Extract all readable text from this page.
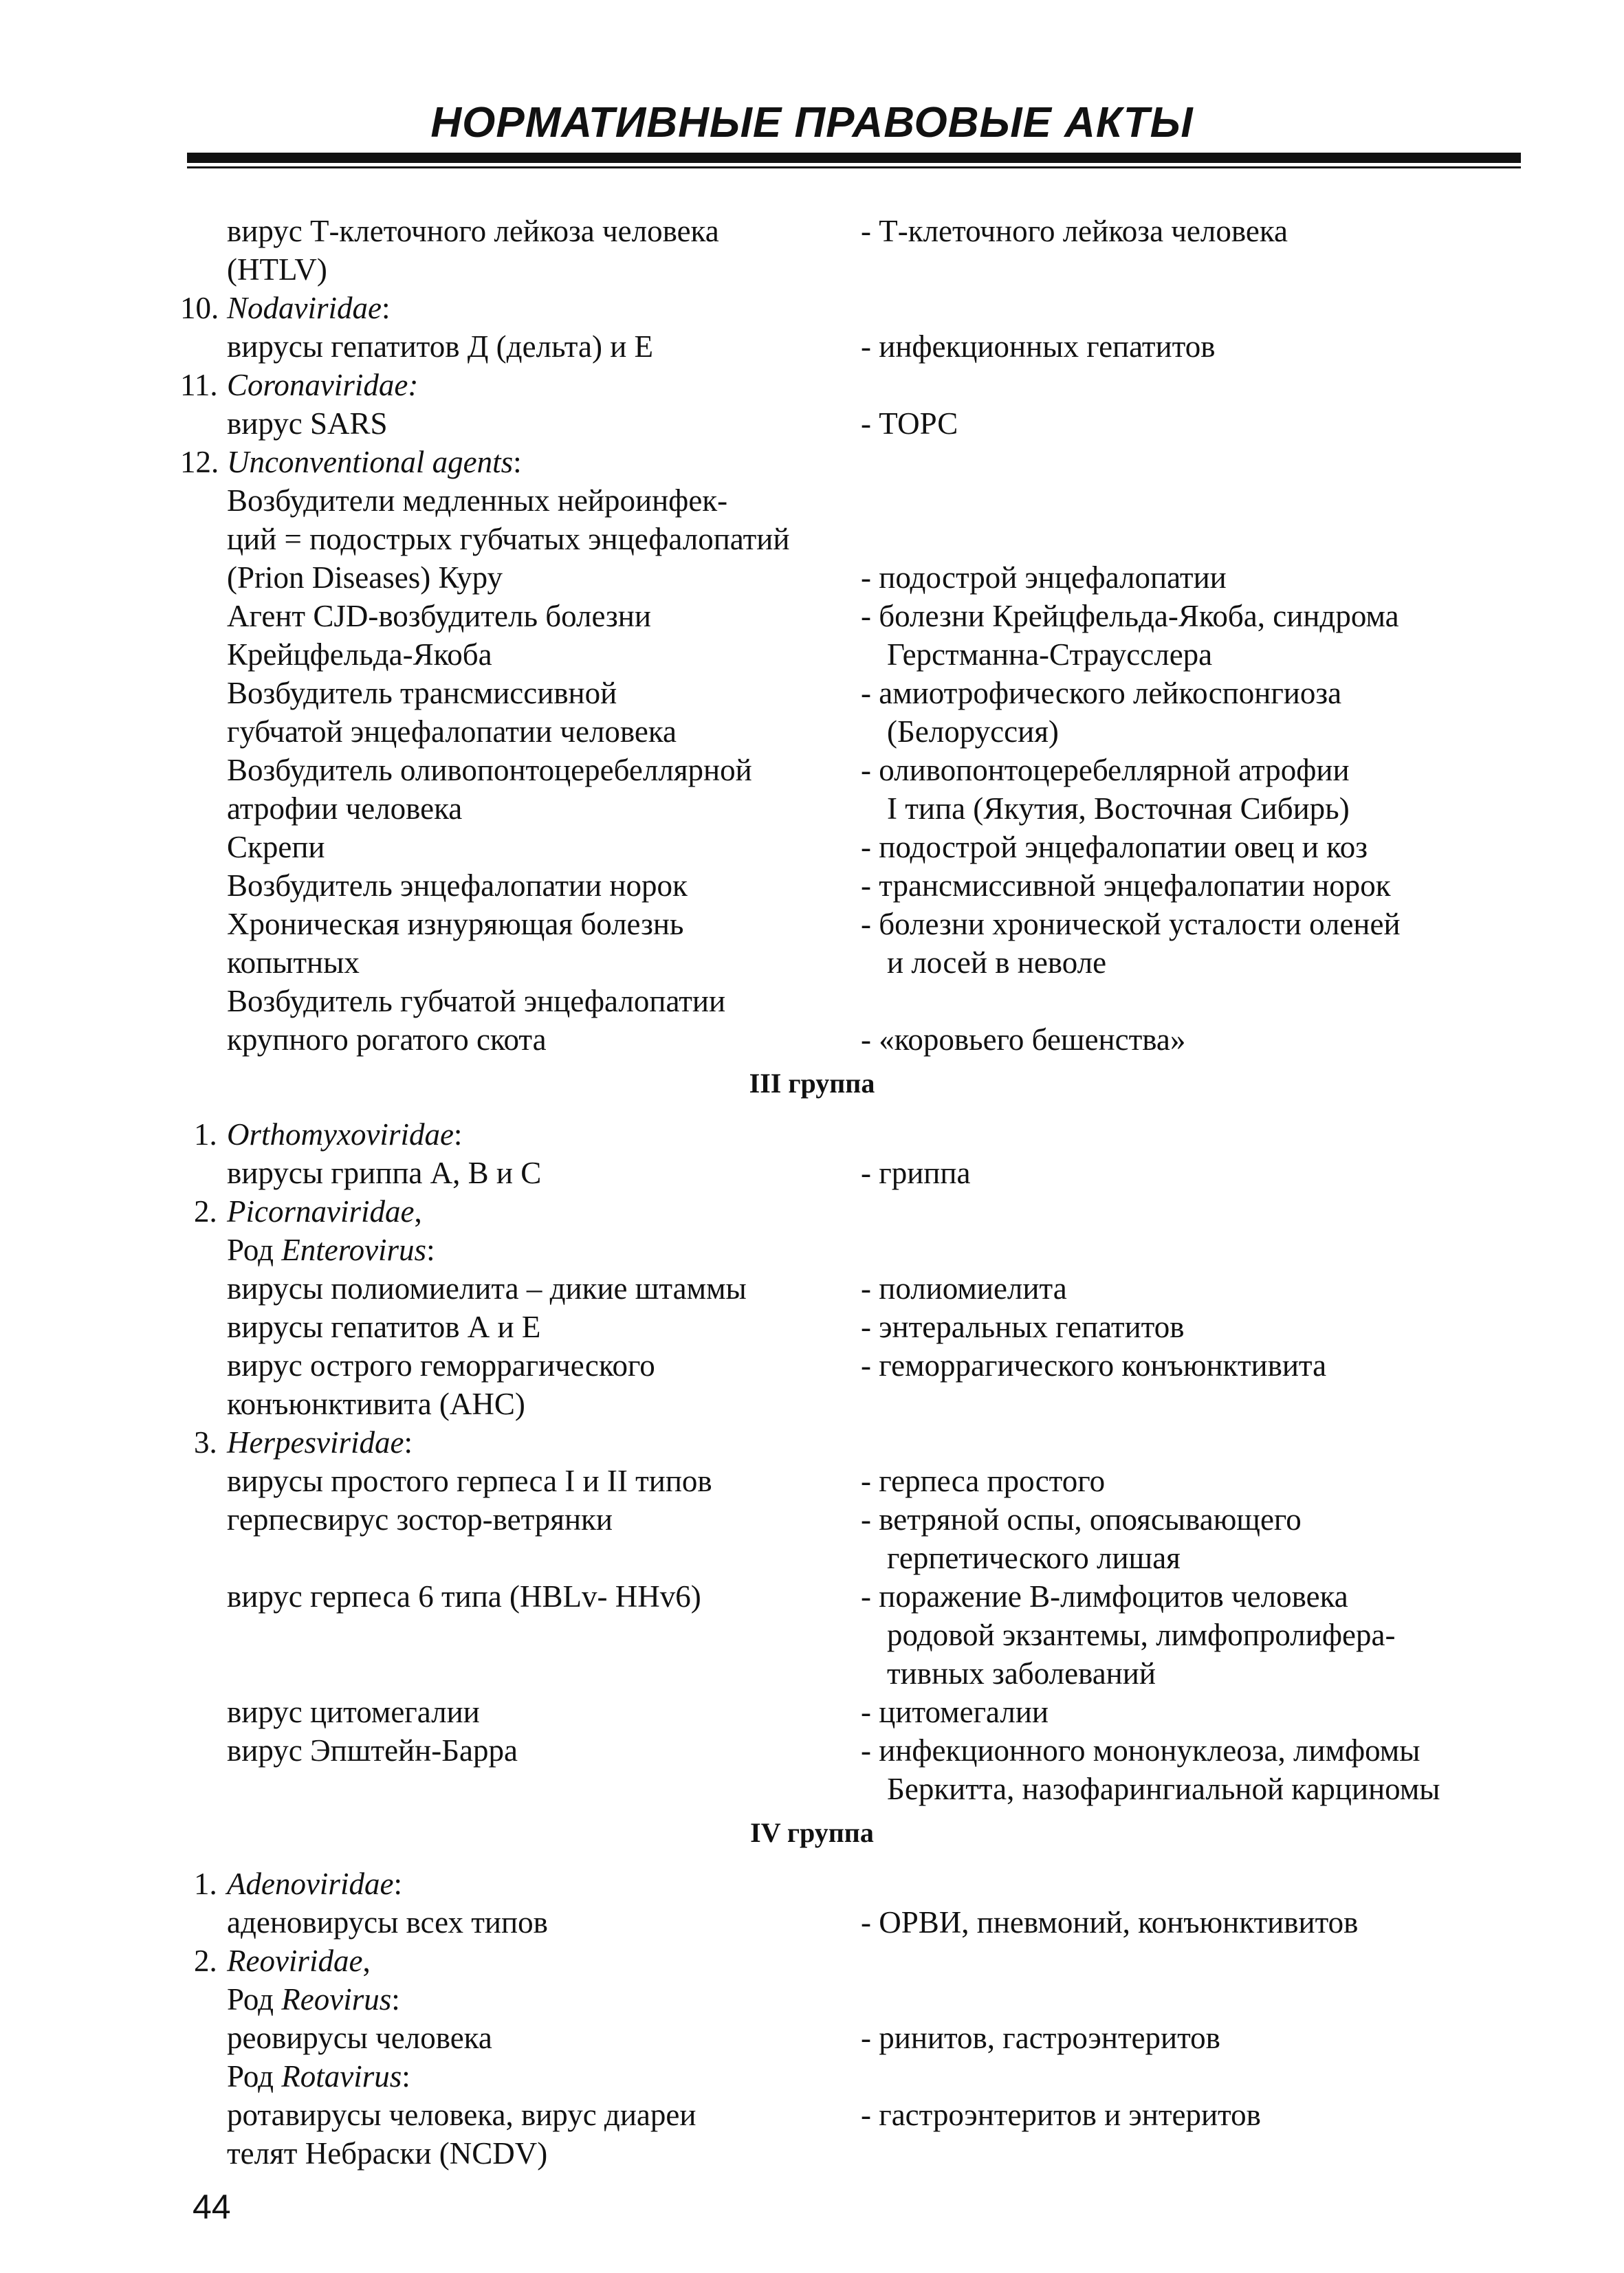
НОРМАТИВНЫЕ ПРАВОВЫЕ АКТЫ
вирус Т-клеточного лейкоза человека	- Т-клеточного лейкоза человека
(HTLV)
10. Nodaviridae:
вирусы гепатитов Д (дельта) и Е	- инфекционных гепатитов
11. Coronaviridae:
вирус SARS	- ТОРС
12. Unconventional agents:
Возбудители медленных нейроинфек-
ций = подострых губчатых энцефалопатий
(Prion Diseases) Куру	- подострой энцефалопатии
Агент CJD-возбудитель болезни	- болезни Крейцфельда-Якоба, синдрома
Крейцфельда-Якоба	Герстманна-Страусслера
Возбудитель трансмиссивной	- амиотрофического лейкоспонгиоза
губчатой энцефалопатии человека	(Белоруссия)
Возбудитель оливопонтоцеребеллярной	- оливопонтоцеребеллярной атрофии
атрофии человека	I типа (Якутия, Восточная Сибирь)
Скрепи	- подострой энцефалопатии овец и коз
Возбудитель энцефалопатии норок	- трансмиссивной энцефалопатии норок
Хроническая изнуряющая болезнь	- болезни хронической усталости оленей
копытных	и лосей в неволе
Возбудитель губчатой энцефалопатии
крупного рогатого скота	- «коровьего бешенства»
III группа
1. Orthomyxoviridae:
вирусы гриппа А, В и С	- гриппа
2. Picornaviridae,
Род Enterovirus:
вирусы полиомиелита – дикие штаммы	- полиомиелита
вирусы гепатитов А и Е	- энтеральных гепатитов
вирус острого геморрагического	- геморрагического конъюнктивита
конъюнктивита (АНС)
3. Herpesviridae:
вирусы простого герпеса I и II типов	- герпеса простого
герпесвирус зостор-ветрянки	- ветряной оспы, опоясывающего
герпетического лишая
вирус герпеса 6 типа (HBLv- HHv6)	- поражение В-лимфоцитов человека
родовой экзантемы, лимфопролифера-
тивных заболеваний
вирус цитомегалии	- цитомегалии
вирус Эпштейн-Барра	- инфекционного мононуклеоза, лимфомы
Беркитта, назофарингиальной карциномы
IV группа
1. Adenoviridae:
аденовирусы всех типов	- ОРВИ, пневмоний, конъюнктивитов
2. Reoviridae,
Род Reovirus:
реовирусы человека	- ринитов, гастроэнтеритов
Род Rotavirus:
ротавирусы человека, вирус диареи	- гастроэнтеритов и энтеритов
телят Небраски (NCDV)
44
